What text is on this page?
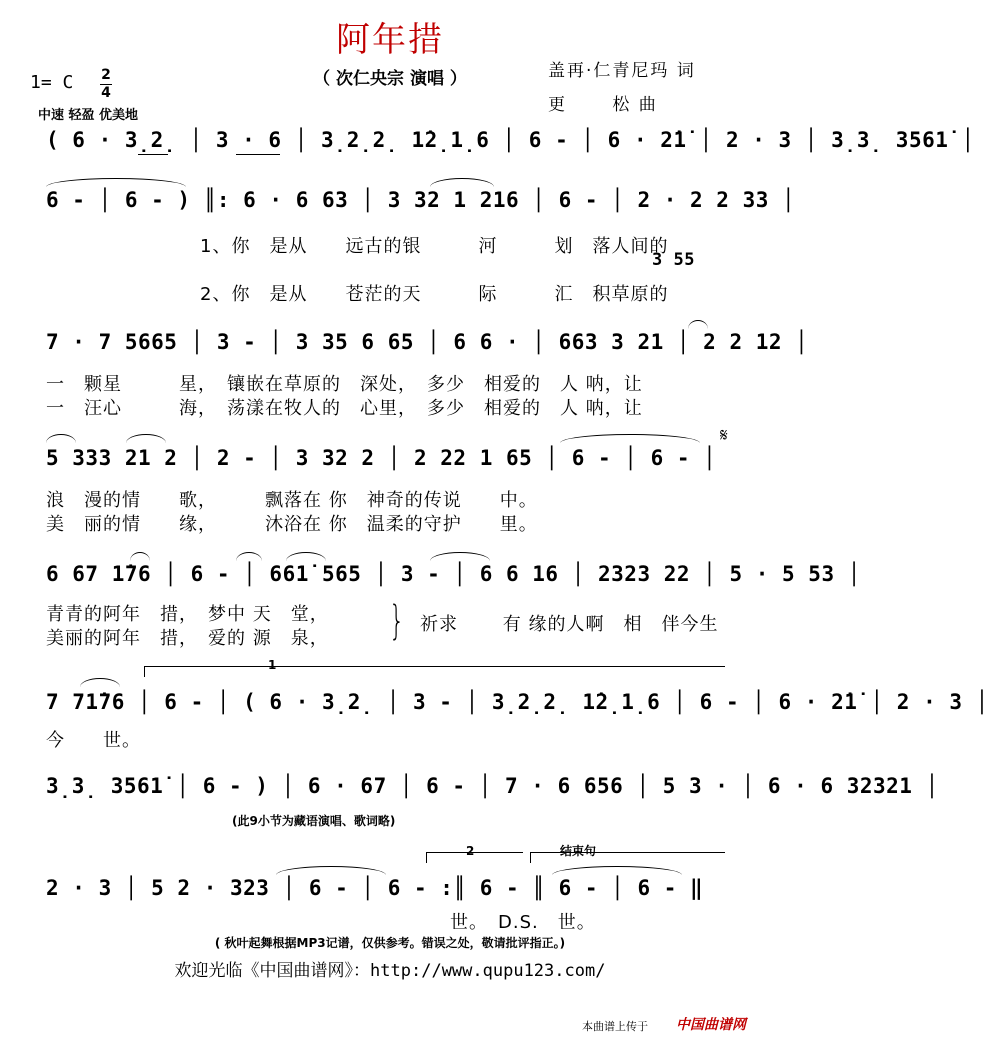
阿年措
（ 次仁央宗 演唱 ）	盖再·仁青尼玛 词
更　　 松 曲
1= C 2
4
中速 轻盈 优美地
( 6 · 3̣2̣ │ 3 · 6 │ 3̣2̣2̣ 1̇2̣1̣6 │ 6 - │ 6 · 2̇1̇ │ 2 · 3 │ 3̣3̣ 3561̇ │
6 - │ 6 - ) ║: 6 · 6 63 │ 3 32 1 216 │ 6 - │ 2 · 2 2 33 │
1、你　是从　　远古的银　　　河　　　划　落人间的
3 55
2、你　是从　　苍茫的天　　　际　　　汇　积草原的
7 · 7 5665 │ 3 - │ 3 35 6 65 │ 6 6 · │ 663 3 21 │ 2 2 12 │
一　颗星　　　星，　镶嵌在草原的　深处，　多少　相爱的　人 呐，让
一　汪心　　　海，　荡漾在牧人的　心里，　多少　相爱的　人 呐，让
5 333 21 2 │ 2 - │ 3 32 2 │ 2 22 1 65 │ 6 - │ 6 - │
𝄋
浪　漫的情　　歌，　　　飘落在 你　神奇的传说　　中。
美　丽的情　　缘，　　　沐浴在 你　温柔的守护　　里。
6 67 1̇76 │ 6 - │ 661̇ 565 │ 3 - │ 6 6 16 │ 2323 22 │ 5 · 5 53 │
青青的阿年　措，　梦中 天　堂，
美丽的阿年　措，　爱的 源　泉， } 祈求　　 有 缘的人啊　相　伴今生
1
7 71̇76 │ 6 - │ ( 6 · 3̣2̣ │ 3 - │ 3̣2̣2̣ 1̇2̣1̣6 │ 6 - │ 6 · 2̇1̇ │ 2 · 3 │
今　　世。
3̣3̣ 3561̇ │ 6 - ) │ 6 · 67 │ 6 - │ 7 · 6 656 │ 5 3 · │ 6 · 6 32321 │
(此9小节为藏语演唱、歌词略)
2	结束句
2 · 3 │ 5 2 · 323 │ 6 - │ 6 - :║ 6 - ║ 6 - │ 6 - ‖
世。　D.S.　世。
( 秋叶起舞根据MP3记谱，仅供参考。错误之处，敬请批评指正。)
欢迎光临《中国曲谱网》：http://www.qupu123.com/
本曲谱上传于 中国曲谱网
